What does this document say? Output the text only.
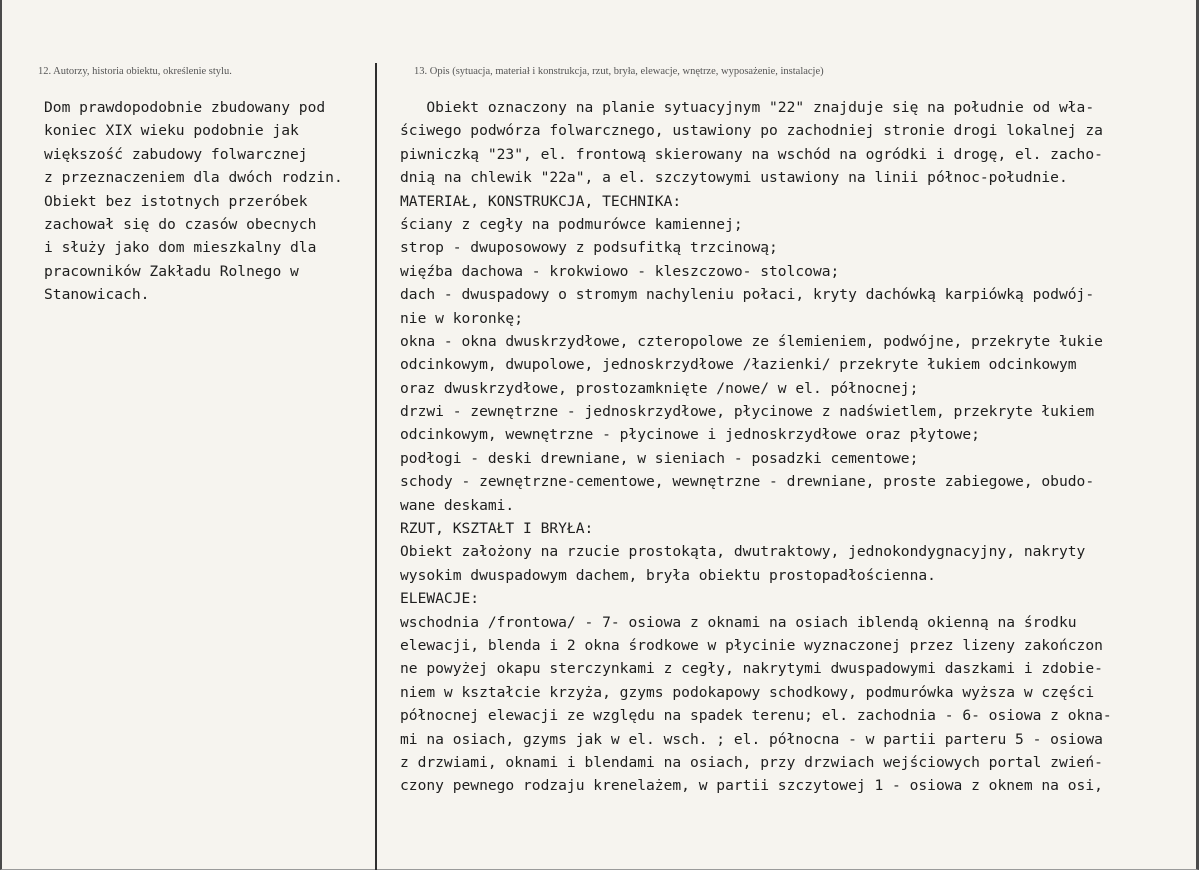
12. Autorzy, historia obiektu, określenie stylu.	13. Opis (sytuacja, materiał i konstrukcja, rzut, bryła, elewacje, wnętrze, wyposażenie, instalacje)
Dom prawdopodobnie zbudowany pod
koniec XIX wieku podobnie jak
większość zabudowy folwarcznej
z przeznaczeniem dla dwóch rodzin.
Obiekt bez istotnych przeróbek
zachował się do czasów obecnych
i służy jako dom mieszkalny dla
pracowników Zakładu Rolnego w
Stanowicach.
Obiekt oznaczony na planie sytuacyjnym "22" znajduje się na południe od wła-
ściwego podwórza folwarcznego, ustawiony po zachodniej stronie drogi lokalnej za
piwniczką "23", el. frontową skierowany na wschód na ogródki i drogę, el. zacho-
dnią na chlewik "22a", a el. szczytowymi ustawiony na linii północ-południe.
MATERIAŁ, KONSTRUKCJA, TECHNIKA:
ściany z cegły na podmurówce kamiennej;
strop - dwuposowowy z podsufitką trzcinową;
więźba dachowa - krokwiowo - kleszczowo- stolcowa;
dach - dwuspadowy o stromym nachyleniu połaci, kryty dachówką karpiówką podwój-
nie w koronkę;
okna - okna dwuskrzydłowe, czteropolowe ze ślemieniem, podwójne, przekryte łukie
odcinkowym, dwupolowe, jednoskrzydłowe /łazienki/ przekryte łukiem odcinkowym
oraz dwuskrzydłowe, prostozamknięte /nowe/ w el. północnej;
drzwi - zewnętrzne - jednoskrzydłowe, płycinowe z nadświetlem, przekryte łukiem
odcinkowym, wewnętrzne - płycinowe i jednoskrzydłowe oraz płytowe;
podłogi - deski drewniane, w sieniach - posadzki cementowe;
schody - zewnętrzne-cementowe, wewnętrzne - drewniane, proste zabiegowe, obudo-
wane deskami.
RZUT, KSZTAŁT I BRYŁA:
Obiekt założony na rzucie prostokąta, dwutraktowy, jednokondygnacyjny, nakryty
wysokim dwuspadowym dachem, bryła obiektu prostopadłościenna.
ELEWACJE:
wschodnia /frontowa/ - 7- osiowa z oknami na osiach iblendą okienną na środku
elewacji, blenda i 2 okna środkowe w płycinie wyznaczonej przez lizeny zakończon
ne powyżej okapu sterczynkami z cegły, nakrytymi dwuspadowymi daszkami i zdobie-
niem w kształcie krzyża, gzyms podokapowy schodkowy, podmurówka wyższa w części
północnej elewacji ze względu na spadek terenu; el. zachodnia - 6- osiowa z okna-
mi na osiach, gzyms jak w el. wsch. ; el. północna - w partii parteru 5 - osiowa
z drzwiami, oknami i blendami na osiach, przy drzwiach wejściowych portal zwień-
czony pewnego rodzaju krenelażem, w partii szczytowej 1 - osiowa z oknem na osi,
